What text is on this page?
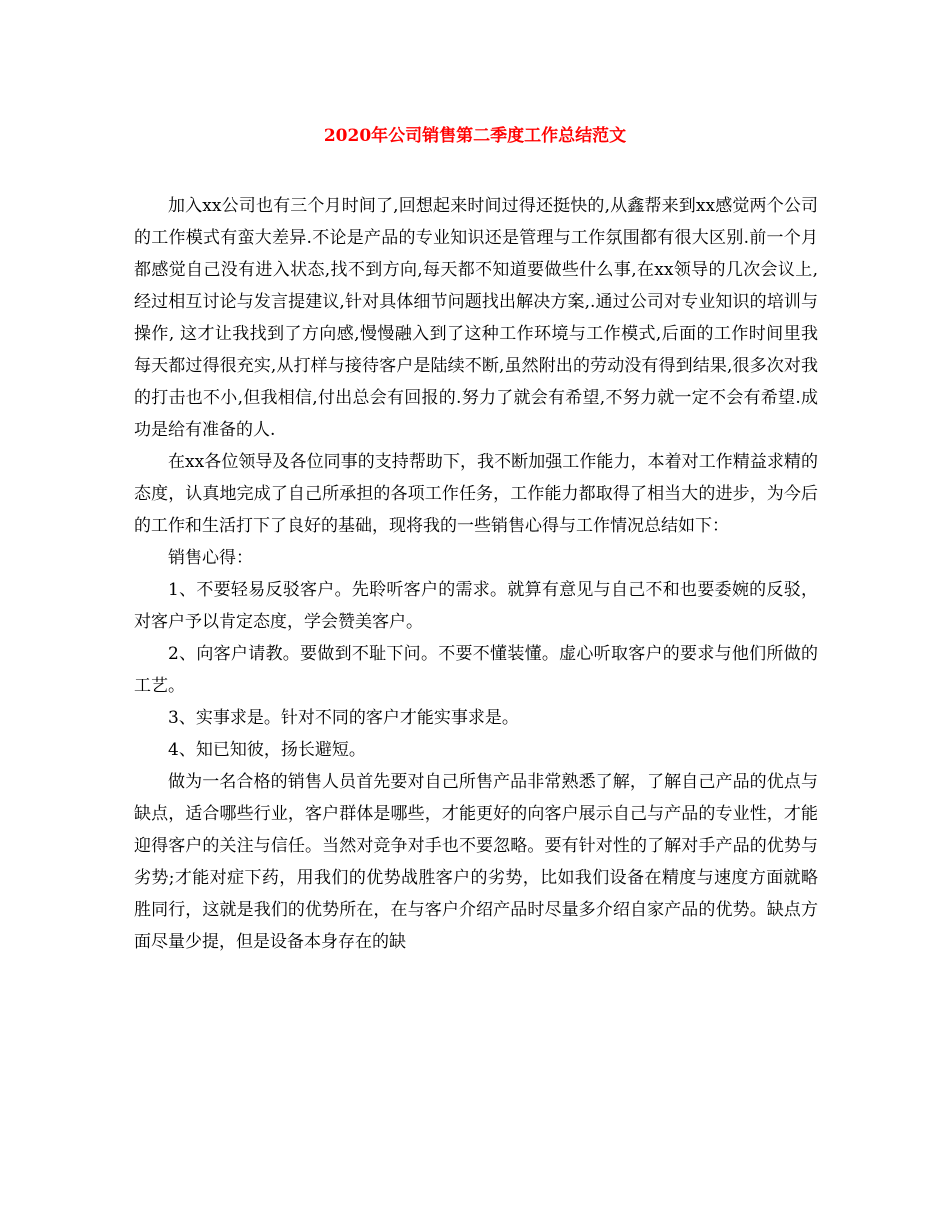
2020年公司销售第二季度工作总结范文

加入xx公司也有三个月时间了,回想起来时间过得还挺快的,从鑫帮来到xx感觉两个公司的工作模式有蛮大差异.不论是产品的专业知识还是管理与工作氛围都有很大区别.前一个月都感觉自己没有进入状态,找不到方向,每天都不知道要做些什么事,在xx领导的几次会议上,经过相互讨论与发言提建议,针对具体细节问题找出解决方案,.通过公司对专业知识的培训与操作, 这才让我找到了方向感,慢慢融入到了这种工作环境与工作模式,后面的工作时间里我每天都过得很充实,从打样与接待客户是陆续不断,虽然附出的劳动没有得到结果,很多次对我的打击也不小,但我相信,付出总会有回报的.努力了就会有希望,不努力就一定不会有希望.成功是给有准备的人.

在xx各位领导及各位同事的支持帮助下，我不断加强工作能力，本着对工作精益求精的态度，认真地完成了自己所承担的各项工作任务，工作能力都取得了相当大的进步，为今后的工作和生活打下了良好的基础，现将我的一些销售心得与工作情况总结如下：

销售心得：

1、不要轻易反驳客户。先聆听客户的需求。就算有意见与自己不和也要委婉的反驳，对客户予以肯定态度，学会赞美客户。

2、向客户请教。要做到不耻下问。不要不懂装懂。虚心听取客户的要求与他们所做的工艺。

3、实事求是。针对不同的客户才能实事求是。

4、知已知彼，扬长避短。

做为一名合格的销售人员首先要对自己所售产品非常熟悉了解，了解自己产品的优点与缺点，适合哪些行业，客户群体是哪些，才能更好的向客户展示自己与产品的专业性，才能迎得客户的关注与信任。当然对竞争对手也不要忽略。要有针对性的了解对手产品的优势与劣势;才能对症下药，用我们的优势战胜客户的劣势，比如我们设备在精度与速度方面就略胜同行，这就是我们的优势所在，在与客户介绍产品时尽量多介绍自家产品的优势。缺点方面尽量少提，但是设备本身存在的缺
